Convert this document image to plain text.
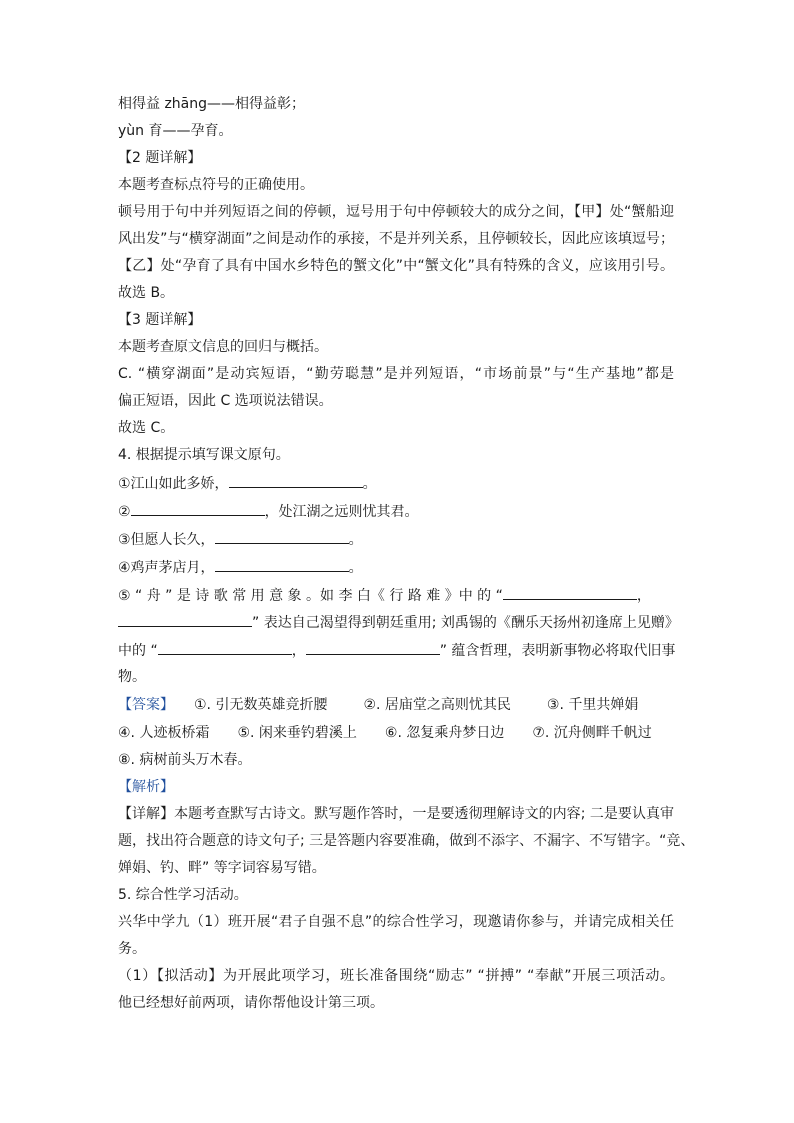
相得益 zhāng——相得益彰；
yùn 育——孕育。
【2 题详解】
本题考查标点符号的正确使用。
顿号用于句中并列短语之间的停顿，逗号用于句中停顿较大的成分之间，【甲】处“蟹船迎
风出发”与“横穿湖面”之间是动作的承接，不是并列关系，且停顿较长，因此应该填逗号；
【乙】处“孕育了具有中国水乡特色的蟹文化”中“蟹文化”具有特殊的含义，应该用引号。
故选 B。
【3 题详解】
本题考查原文信息的回归与概括。
C. “横穿湖面”是动宾短语，“勤劳聪慧”是并列短语，“市场前景”与“生产基地”都是
偏正短语，因此 C 选项说法错误。
故选 C。
4. 根据提示填写课文原句。
①江山如此多娇，	。
②	，处江湖之远则忧其君。
③但愿人长久，	。
④鸡声茅店月，	。
⑤ “ 舟 ” 是 诗 歌 常 用 意 象 。如 李 白《 行 路 难 》中 的 “	，
” 表达自己渴望得到朝廷重用; 刘禹锡的《酬乐天扬州初逢席上见赠》
中的 “	，	” 蕴含哲理，表明新事物必将取代旧事
物。
【答案】 ①. 引无数英雄竞折腰	②. 居庙堂之高则忧其民	③. 千里共婵娟
④. 人迹板桥霜 ⑤. 闲来垂钓碧溪上 ⑥. 忽复乘舟梦日边 ⑦. 沉舟侧畔千帆过
⑧. 病树前头万木春。
【解析】
【详解】本题考查默写古诗文。默写题作答时，一是要透彻理解诗文的内容; 二是要认真审
题，找出符合题意的诗文句子; 三是答题内容要准确，做到不添字、不漏字、不写错字。“竞、
婵娟、钓、畔” 等字词容易写错。
5. 综合性学习活动。
兴华中学九（1）班开展“君子自强不息”的综合性学习，现邀请你参与，并请完成相关任
务。
（1）【拟活动】为开展此项学习，班长准备围绕“励志” “拼搏” “奉献”开展三项活动。
他已经想好前两项，请你帮他设计第三项。
